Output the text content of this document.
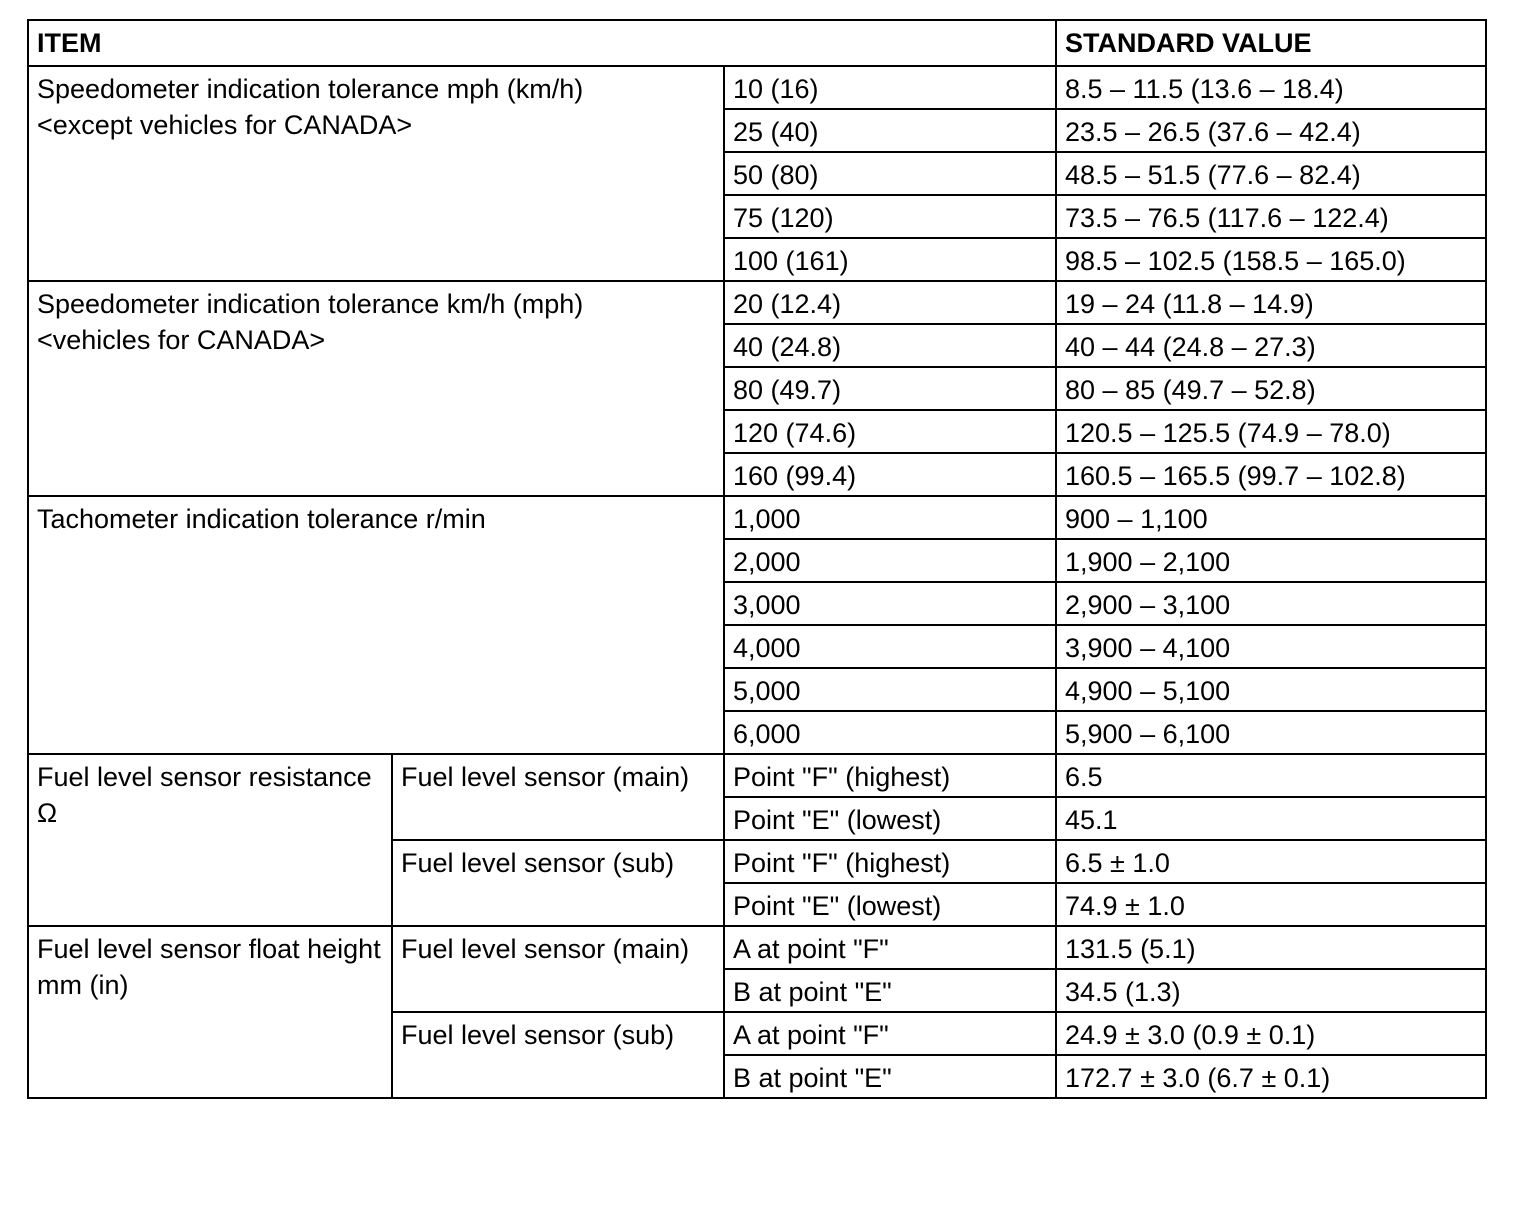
ITEM			STANDARD VALUE

Speedometer indication tolerance mph (km/h)
<except vehicles for CANADA>		10 (16)	8.5 – 11.5 (13.6 – 18.4)
		25 (40)	23.5 – 26.5 (37.6 – 42.4)
		50 (80)	48.5 – 51.5 (77.6 – 82.4)
		75 (120)	73.5 – 76.5 (117.6 – 122.4)
		100 (161)	98.5 – 102.5 (158.5 – 165.0)

Speedometer indication tolerance km/h (mph)
<vehicles for CANADA>		20 (12.4)	19 – 24 (11.8 – 14.9)
		40 (24.8)	40 – 44 (24.8 – 27.3)
		80 (49.7)	80 – 85 (49.7 – 52.8)
		120 (74.6)	120.5 – 125.5 (74.9 – 78.0)
		160 (99.4)	160.5 – 165.5 (99.7 – 102.8)
Tachometer indication tolerance r/min		1,000	900 – 1,100
		2,000	1,900 – 2,100
		3,000	2,900 – 3,100
		4,000	3,900 – 4,100
		5,000	4,900 – 5,100
		6,000	5,900 – 6,100
Fuel level sensor resistance Ω	Fuel level sensor (main)	Point "F" (highest)	6.5
		Point "E" (lowest)	45.1
	Fuel level sensor (sub)	Point "F" (highest)	6.5 ± 1.0
		Point "E" (lowest)	74.9 ± 1.0
Fuel level sensor float height mm (in)	Fuel level sensor (main)	A at point "F"	131.5 (5.1)
		B at point "E"	34.5 (1.3)
	Fuel level sensor (sub)	A at point "F"	24.9 ± 3.0 (0.9 ± 0.1)
		B at point "E"	172.7 ± 3.0 (6.7 ± 0.1)
